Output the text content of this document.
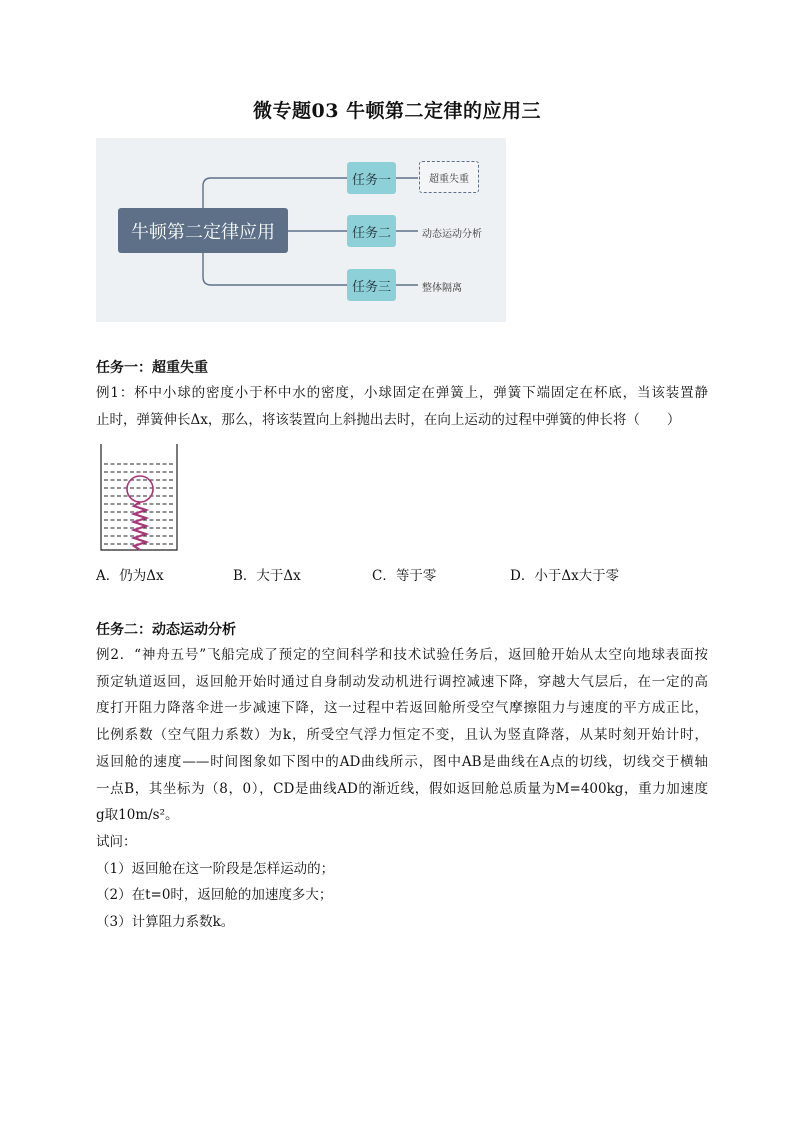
微专题03 牛顿第二定律的应用三
牛顿第二定律应用
任务一
任务二
任务三
超重失重
动态运动分析
整体隔离
任务一：超重失重
例1：杯中小球的密度小于杯中水的密度，小球固定在弹簧上，弹簧下端固定在杯底，当该装置静
止时，弹簧伸长Δx，那么，将该装置向上斜抛出去时，在向上运动的过程中弹簧的伸长将（　　）
A．仍为Δx	B．大于Δx	C．等于零	D．小于Δx大于零
任务二：动态运动分析
例2．“神舟五号”飞船完成了预定的空间科学和技术试验任务后，返回舱开始从太空向地球表面按
预定轨道返回，返回舱开始时通过自身制动发动机进行调控减速下降，穿越大气层后，在一定的高
度打开阻力降落伞进一步减速下降，这一过程中若返回舱所受空气摩擦阻力与速度的平方成正比，
比例系数（空气阻力系数）为k，所受空气浮力恒定不变，且认为竖直降落，从某时刻开始计时，
返回舱的速度——时间图象如下图中的AD曲线所示，图中AB是曲线在A点的切线，切线交于横轴
一点B，其坐标为（8，0），CD是曲线AD的渐近线，假如返回舱总质量为M=400kg，重力加速度
g取10m/s²。
试问：
（1）返回舱在这一阶段是怎样运动的；
（2）在t=0时，返回舱的加速度多大；
（3）计算阻力系数k。
